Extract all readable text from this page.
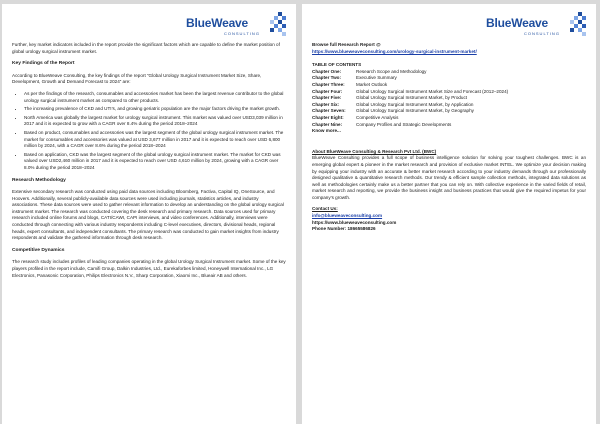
BlueWeave
CONSULTING

Further, key market indicators included in the report provide the significant factors which are capable to define the market position of global urology surgical instrument market.

Key Findings of the Report

According to BlueWeave Consulting, the key findings of the report “Global Urology Surgical Instrument Market Size, Share, Development, Growth and Demand Forecast to 2024” are:

• As per the findings of the research, consumables and accessories market has been the largest revenue contributor to the global urology surgical instrument market as compared to other products.
• The increasing prevalence of CKD and UTI’s, and growing geriatric population are the major factors driving the market growth.
• North America was globally the largest market for urology surgical instrument. This market was valued over USD3,039 million in 2017 and it is expected to grow with a CAGR over 8.4% during the period 2018–2024
• Based on product, consumables and accessories was the largest segment of the global urology surgical instrument market. The market for consumables and accessories was valued at USD 3,677 million in 2017 and it is expected to reach over USD 6,800 million by 2024, with a CAGR over 8.6% during the period 2018–2024
• Based on application, CKD was the largest segment of the global urology surgical instrument market. The market for CKD was valued over USD2,460 million in 2017 and it is expected to reach over USD 4,610 million by 2024, growing with a CAGR over 8.0% during the period 2018–2024
Research Methodology

Extensive secondary research was conducted using paid data sources including Bloomberg, Factiva, Capital IQ, OneSource, and Hoovers. Additionally, several publicly-available data sources were used including journals, statistics articles, and industry associations. These data sources were used to gather relevant information to develop an understanding on the global urology surgical instrument market. The research was conducted covering the desk research and primary research. Data sources used for primary research included online forums and blogs, CATI/CAWI, CAPI interviews, and video conferences. Additionally, interviews were conducted through connecting with various industry respondents including C-level executives, directors, divisional heads, regional heads, expert consultants, and independent consultants. The primary research was conducted to gain market insights from industry respondents and validate the gathered information through desk research.

Competitive Dynamics

The research study includes profiles of leading companies operating in the global Urology Surgical Instrument market. Some of the key players profiled in the report include, Camifi Group, Dalkin Industries, Ltd., Eurekaforbes limited, Honeywell International Inc., LG Electronics, Panasonic Corporation, Philips Electronics N.V., Sharp Corporation, Xiaomi Inc., Blueair AB and others.

BlueWeave
CONSULTING
Browse full Research Report @
https://www.blueweaveconsulting.com/urology-surgical-instrument-market/
TABLE OF CONTENTS
Chapter One:	Research Scope and Methodology
Chapter Two:	Executive Summary
Chapter Three:	Market Outlook
Chapter Four:	Global Urology Surgical Instrument Market Size and Forecast (2012–2024)
Chapter Five:	Global Urology Surgical Instrument Market, by Product
Chapter Six:	Global Urology Surgical Instrument Market, by Application
Chapter Seven:	Global Urology Surgical Instrument Market, by Geography
Chapter Eight:	Competitive Analysis
Chapter Nine:	Company Profiles and Strategic Developments
Know more...
About BlueWeave Consulting & Research Pvt Ltd. (BWC)

BlueWeave Consulting provides a full scope of business intelligence solution for solving your toughest challenges. BWC is an emerging global expert & pioneer in the market research and provision of exclusive market INTEL. We optimize your decision making by equipping your industry with an accurate & better market research according to your industry demands through our professionally designed qualitative & quantitative research methods. Our trendy & efficient sample collection methods, integrated data solutions as well as methodologies certainly make us a better partner that you can rely on. With collective experience in the varied fields of retail, market research and reporting, we provide the business insight and business practices that would give the required impetus for your company’s growth.

Contact Us:
info@blueweaveconsulting.com
https://www.blueweaveconsulting.com
Phone Number: 18665586826
